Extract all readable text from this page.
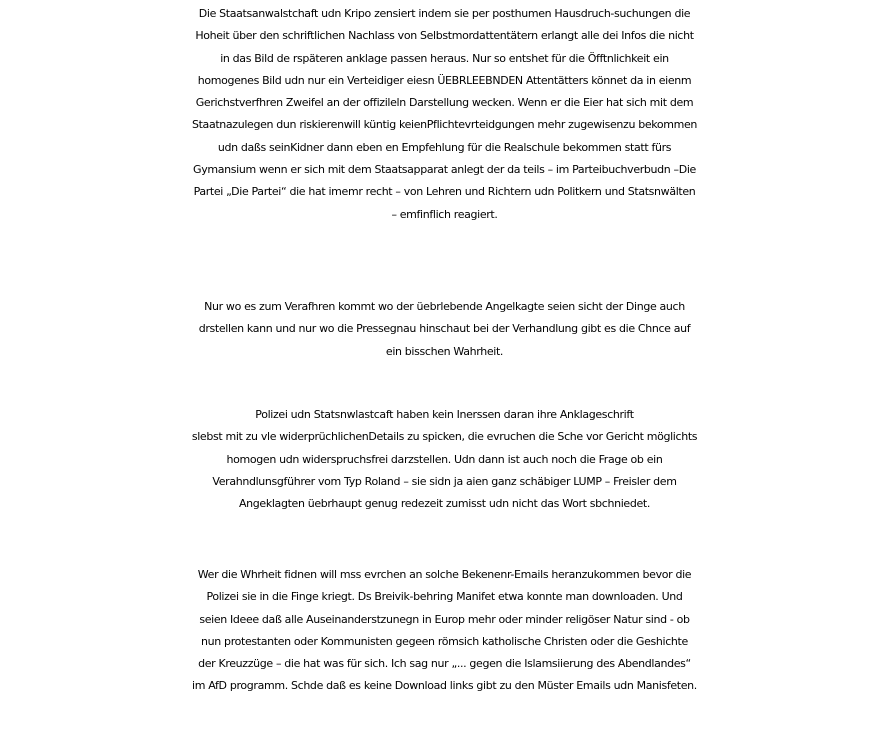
Die Staatsanwalstchaft udn Kripo zensiert indem sie per posthumen Hausdruch-suchungen die
Hoheit über den schriftlichen Nachlass von Selbstmordattentätern erlangt alle dei Infos die nicht
in das Bild de rspäteren anklage passen heraus. Nur so entshet für die Öfftnlichkeit ein
homogenes Bild udn nur ein Verteidiger eiesn ÜEBRLEEBNDEN Attentätters könnet da in eienm
Gerichstverfhren Zweifel an der offizileln Darstellung wecken. Wenn er die Eier hat sich mit dem
Staatnazulegen dun riskierenwill küntig keienPflichtevrteidgungen mehr zugewisenzu bekommen
udn daßs seinKidner dann eben en Empfehlung für die Realschule bekommen statt fürs
Gymansium wenn er sich mit dem Staatsapparat anlegt der da teils – im Parteibuchverbudn –Die
Partei „Die Partei“ die hat imemr recht – von Lehren und Richtern udn Politkern und Statsnwälten
– emfinflich reagiert.
Nur wo es zum Verafhren kommt wo der üebrlebende Angelkagte seien sicht der Dinge auch
drstellen kann und nur wo die Pressegnau hinschaut bei der Verhandlung gibt es die Chnce auf
ein bisschen Wahrheit.
Polizei udn Statsnwlastcaft haben kein Inerssen daran ihre Anklageschrift
slebst mit zu vle widerprüchlichenDetails zu spicken, die evruchen die Sche vor Gericht möglichts
homogen udn widerspruchsfrei darzstellen. Udn dann ist auch noch die Frage ob ein
Verahndlunsgführer vom Typ Roland – sie sidn ja aien ganz schäbiger LUMP – Freisler dem
Angeklagten üebrhaupt genug redezeit zumisst udn nicht das Wort sbchniedet.
Wer die Whrheit fidnen will mss evrchen an solche Bekenenr-Emails heranzukommen bevor die
Polizei sie in die Finge kriegt. Ds Breivik-behring Manifet etwa konnte man downloaden. Und
seien Ideee daß alle Auseinanderstzunegn in Europ mehr oder minder religöser Natur sind - ob
nun protestanten oder Kommunisten gegeen römsich katholische Christen oder die Geshichte
der Kreuzzüge – die hat was für sich. Ich sag nur „... gegen die Islamsiierung des Abendlandes“
im AfD programm. Schde daß es keine Download links gibt zu den Müster Emails udn Manisfeten.
